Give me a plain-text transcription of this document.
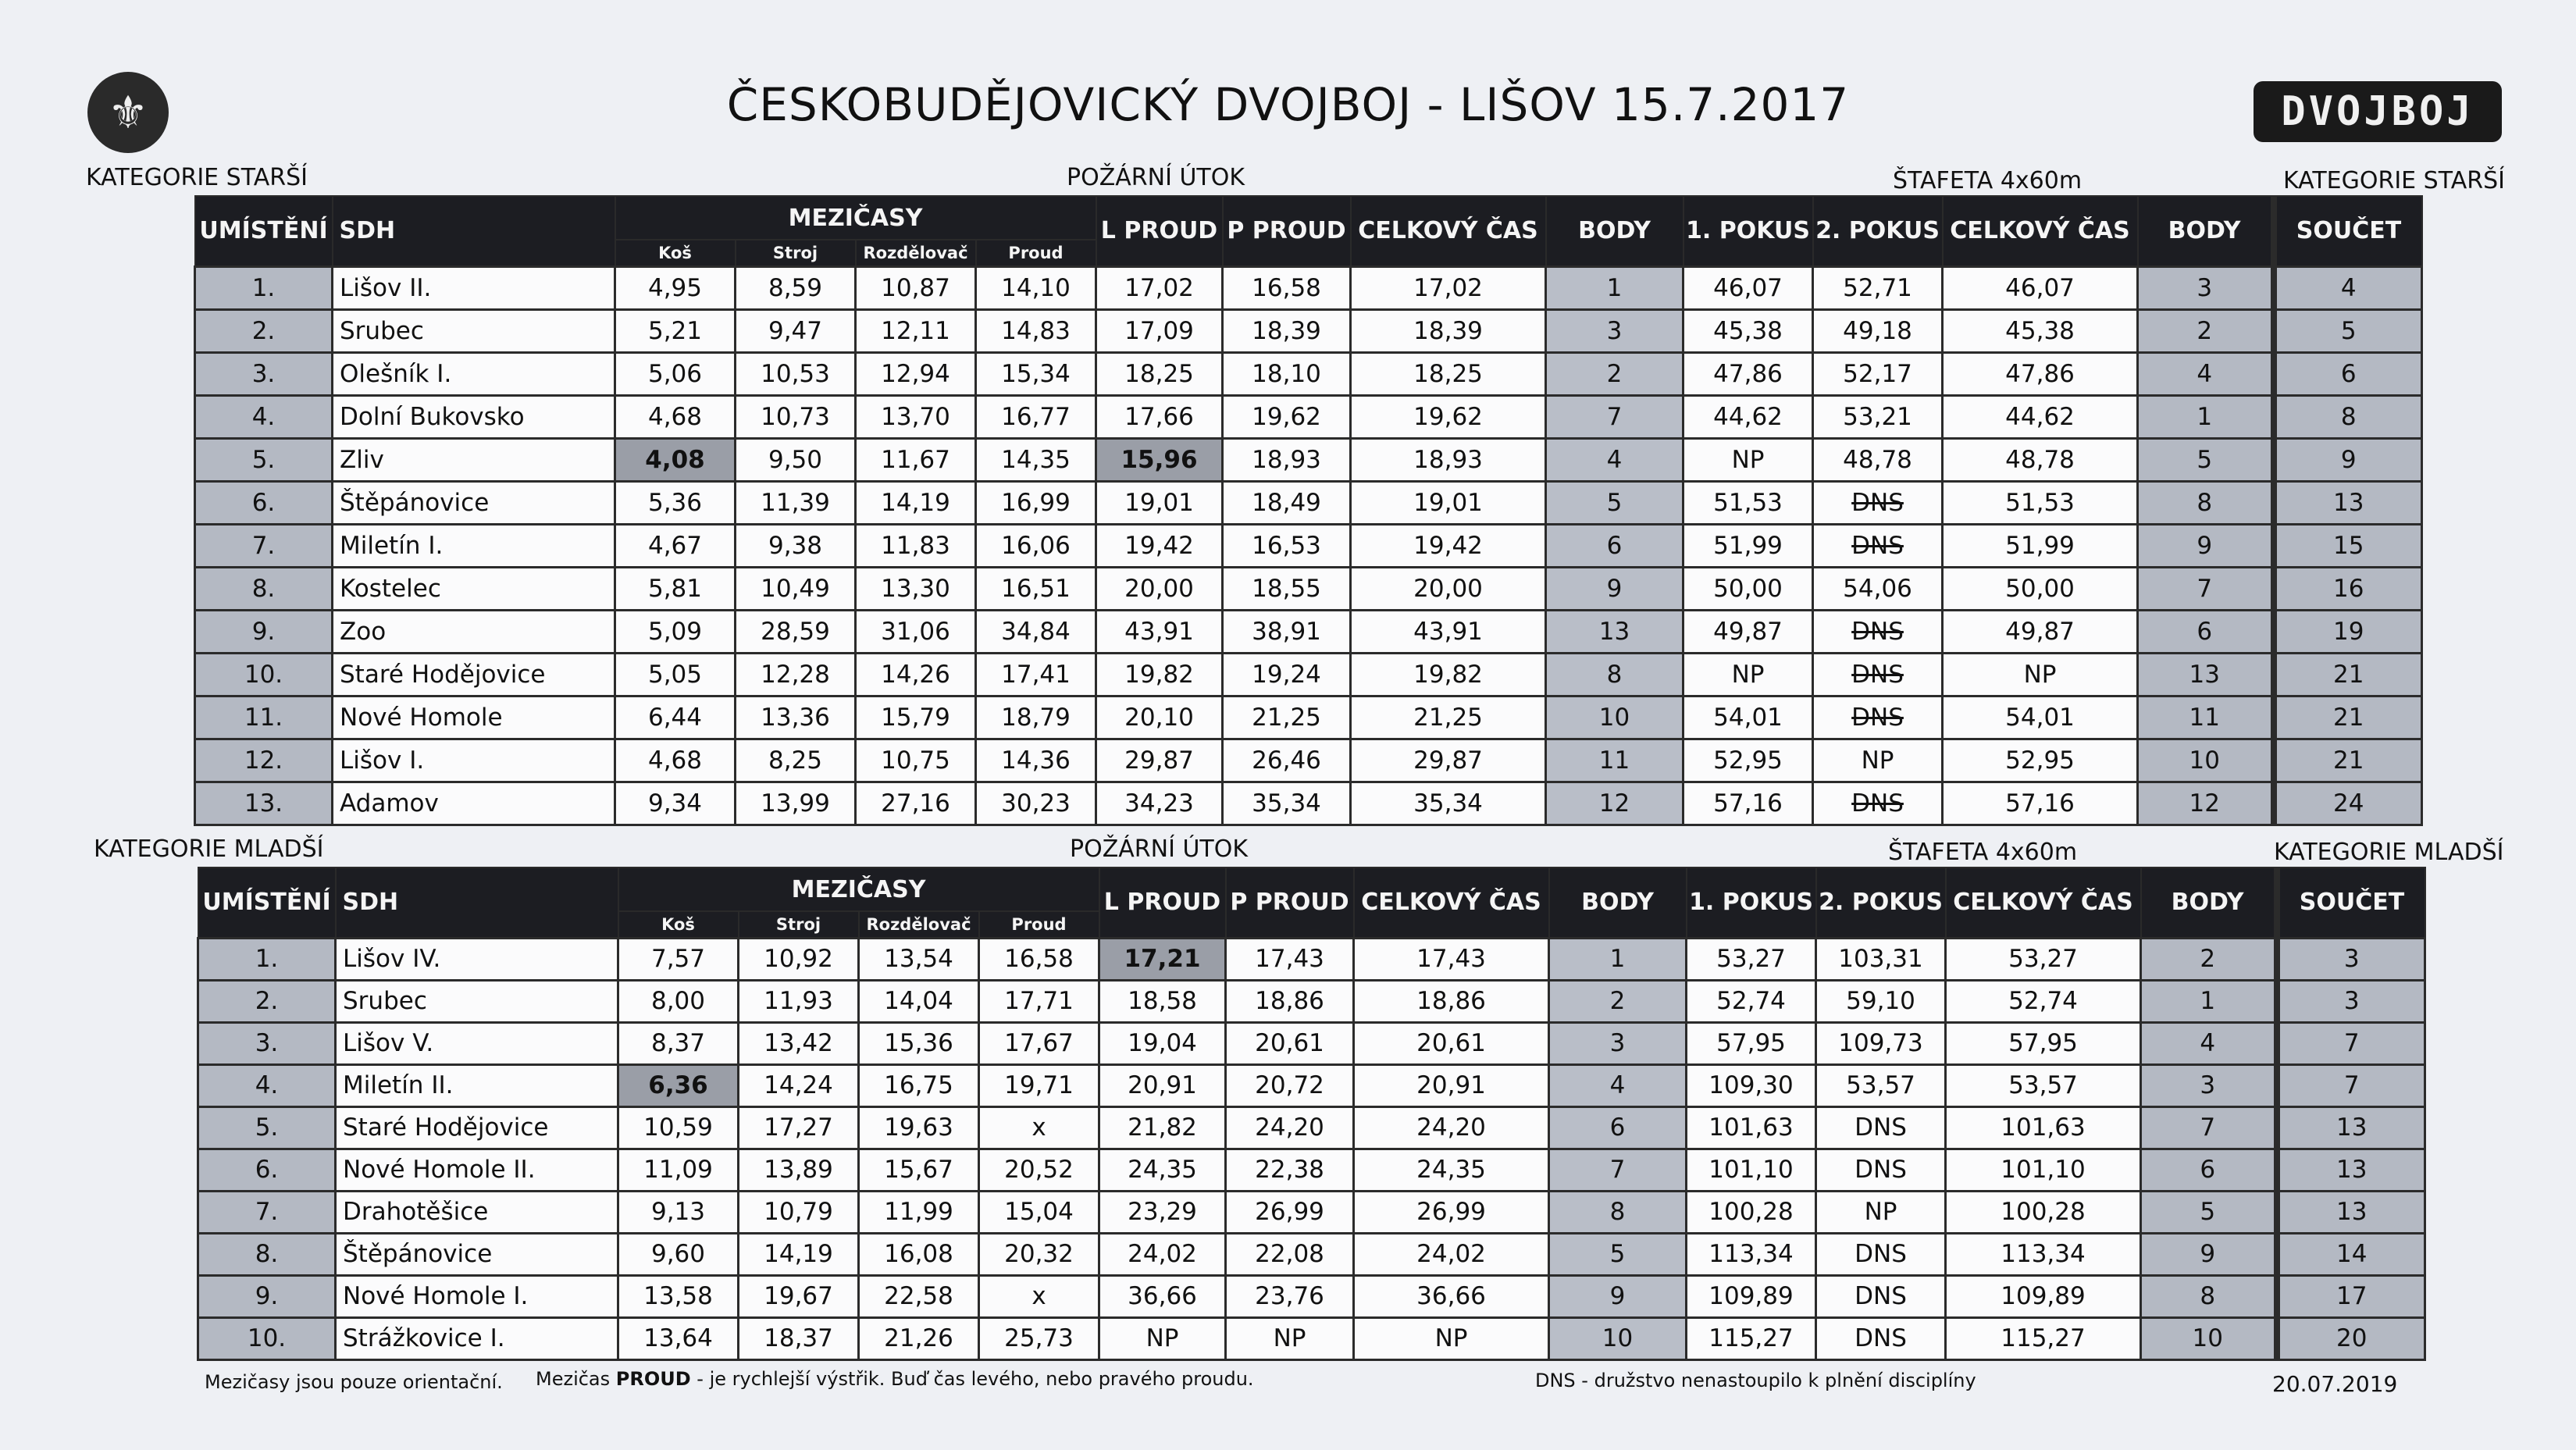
⚜	ČESKOBUDĚJOVICKÝ DVOJBOJ - LIŠOV 15.7.2017	DVOJBOJ
KATEGORIE STARŠÍ	POŽÁRNÍ ÚTOK	ŠTAFETA 4x60m	KATEGORIE STARŠÍ
UMÍSTĚNÍ	SDH	MEZIČASY				L PROUD	P PROUD	CELKOVÝ ČAS	BODY	1. POKUS	2. POKUS	CELKOVÝ ČAS	BODY	SOUČET
		Koš	Stroj	Rozdělovač	Proud									
1.	Lišov II.	4,95	8,59	10,87	14,10	17,02	16,58	17,02	1	46,07	52,71	46,07	3	4
2.	Srubec	5,21	9,47	12,11	14,83	17,09	18,39	18,39	3	45,38	49,18	45,38	2	5
3.	Olešník I.	5,06	10,53	12,94	15,34	18,25	18,10	18,25	2	47,86	52,17	47,86	4	6
4.	Dolní Bukovsko	4,68	10,73	13,70	16,77	17,66	19,62	19,62	7	44,62	53,21	44,62	1	8
5.	Zliv	4,08	9,50	11,67	14,35	15,96	18,93	18,93	4	NP	48,78	48,78	5	9
6.	Štěpánovice	5,36	11,39	14,19	16,99	19,01	18,49	19,01	5	51,53	DNS	51,53	8	13
7.	Miletín I.	4,67	9,38	11,83	16,06	19,42	16,53	19,42	6	51,99	DNS	51,99	9	15
8.	Kostelec	5,81	10,49	13,30	16,51	20,00	18,55	20,00	9	50,00	54,06	50,00	7	16
9.	Zoo	5,09	28,59	31,06	34,84	43,91	38,91	43,91	13	49,87	DNS	49,87	6	19
10.	Staré Hodějovice	5,05	12,28	14,26	17,41	19,82	19,24	19,82	8	NP	DNS	NP	13	21
11.	Nové Homole	6,44	13,36	15,79	18,79	20,10	21,25	21,25	10	54,01	DNS	54,01	11	21
12.	Lišov I.	4,68	8,25	10,75	14,36	29,87	26,46	29,87	11	52,95	NP	52,95	10	21
13.	Adamov	9,34	13,99	27,16	30,23	34,23	35,34	35,34	12	57,16	DNS	57,16	12	24
KATEGORIE MLADŠÍ	POŽÁRNÍ ÚTOK	ŠTAFETA 4x60m	KATEGORIE MLADŠÍ
UMÍSTĚNÍ	SDH	MEZIČASY				L PROUD	P PROUD	CELKOVÝ ČAS	BODY	1. POKUS	2. POKUS	CELKOVÝ ČAS	BODY	SOUČET
		Koš	Stroj	Rozdělovač	Proud									
1.	Lišov IV.	7,57	10,92	13,54	16,58	17,21	17,43	17,43	1	53,27	103,31	53,27	2	3
2.	Srubec	8,00	11,93	14,04	17,71	18,58	18,86	18,86	2	52,74	59,10	52,74	1	3
3.	Lišov V.	8,37	13,42	15,36	17,67	19,04	20,61	20,61	3	57,95	109,73	57,95	4	7
4.	Miletín II.	6,36	14,24	16,75	19,71	20,91	20,72	20,91	4	109,30	53,57	53,57	3	7
5.	Staré Hodějovice	10,59	17,27	19,63	x	21,82	24,20	24,20	6	101,63	DNS	101,63	7	13
6.	Nové Homole II.	11,09	13,89	15,67	20,52	24,35	22,38	24,35	7	101,10	DNS	101,10	6	13
7.	Drahotěšice	9,13	10,79	11,99	15,04	23,29	26,99	26,99	8	100,28	NP	100,28	5	13
8.	Štěpánovice	9,60	14,19	16,08	20,32	24,02	22,08	24,02	5	113,34	DNS	113,34	9	14
9.	Nové Homole I.	13,58	19,67	22,58	x	36,66	23,76	36,66	9	109,89	DNS	109,89	8	17
10.	Strážkovice I.	13,64	18,37	21,26	25,73	NP	NP	NP	10	115,27	DNS	115,27	10	20
Mezičasy jsou pouze orientační. Mezičas PROUD - je rychlejší výstřik. Buď čas levého, nebo pravého proudu.	DNS - družstvo nenastoupilo k plnění disciplíny	20.07.2019
